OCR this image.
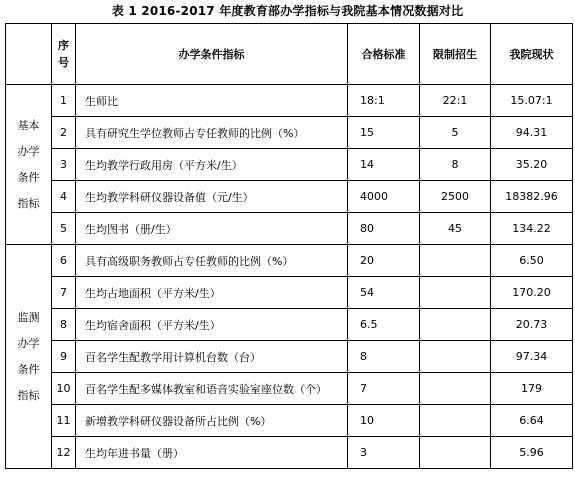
表 1 2016-2017 年度教育部办学指标与我院基本情况数据对比

	序
号	办学条件指标	合格标准	限制招生	我院现状

基本
办学
条件
指标	1	生师比	18:1	22:1	15.07:1
	2	具有研究生学位教师占专任教师的比例（%）	15	5	94.31
	3	生均教学行政用房（平方米/生）	14	8	35.20
	4	生均教学科研仪器设备值（元/生）	4000	2500	18382.96
	5	生均图书（册/生）	80	45	134.22

监测
办学
条件
指标	6	具有高级职务教师占专任教师的比例（%）	20		6.50
	7	生均占地面积（平方米/生）	54		170.20
	8	生均宿舍面积（平方米/生）	6.5		20.73
	9	百名学生配教学用计算机台数（台）	8		97.34
	10	百名学生配多媒体教室和语音实验室座位数（个）	7		179
	11	新增教学科研仪器设备所占比例（%）	10		6.64
	12	生均年进书量（册）	3		5.96
